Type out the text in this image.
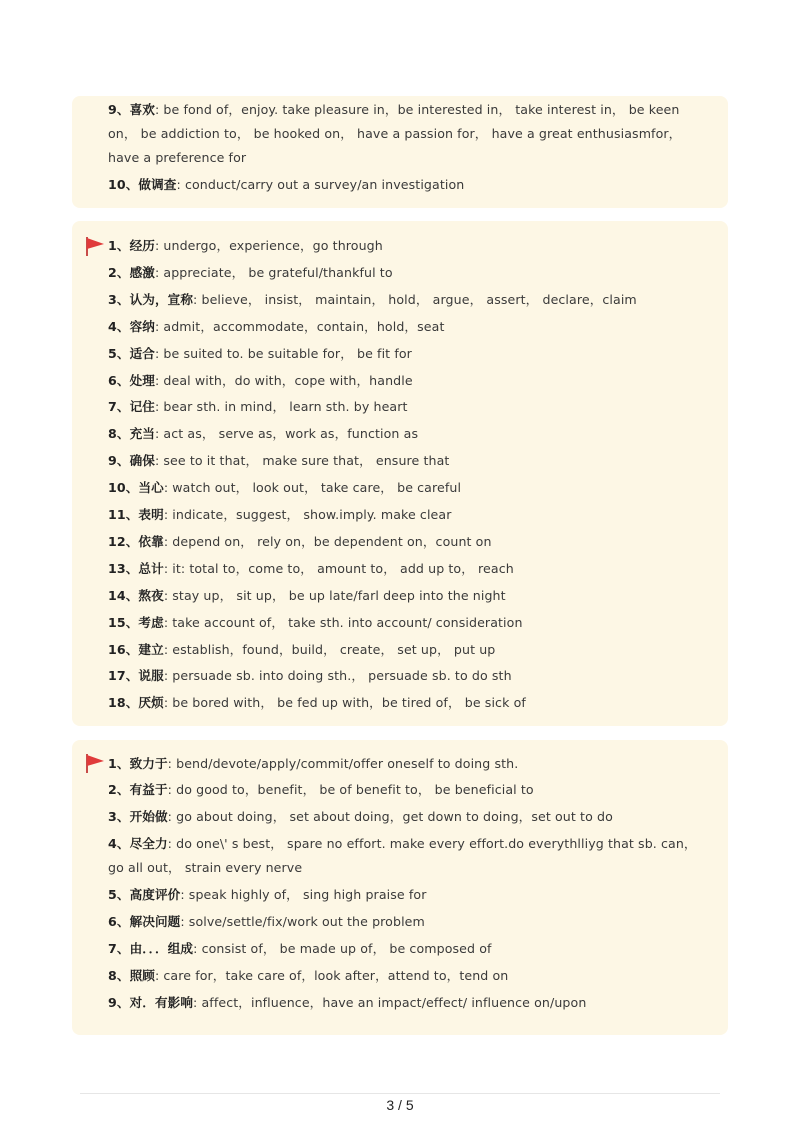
9、喜欢: be fond of，enjoy. take pleasure in，be interested in， take interest in， be keen on， be addiction to， be hooked on， have a passion for， have a great enthusiasmfor，have a preference for
10、做调查: conduct/carry out a survey/an investigation
1、经历: undergo，experience，go through
2、感激: appreciate， be grateful/thankful to
3、认为，宣称: believe， insist， maintain， hold， argue， assert， declare，claim
4、容纳: admit，accommodate，contain，hold，seat
5、适合: be suited to. be suitable for， be fit for
6、处理: deal with，do with，cope with，handle
7、记住: bear sth. in mind， learn sth. by heart
8、充当: act as， serve as，work as，function as
9、确保: see to it that， make sure that， ensure that
10、当心: watch out， look out， take care， be careful
11、表明: indicate，suggest， show.imply. make clear
12、依靠: depend on， rely on，be dependent on，count on
13、总计: it: total to，come to， amount to， add up to， reach
14、熬夜: stay up， sit up， be up late/farl deep into the night
15、考虑: take account of， take sth. into account/ consideration
16、建立: establish，found，build， create， set up， put up
17、说服: persuade sb. into doing sth.， persuade sb. to do sth
18、厌烦: be bored with， be fed up with，be tired of， be sick of
1、致力于: bend/devote/apply/commit/offer oneself to doing sth.
2、有益于: do good to，benefit， be of benefit to， be beneficial to
3、开始做: go about doing， set about doing，get down to doing，set out to do
4、尽全力: do one\' s best， spare no effort. make every effort.do everythlliyg that sb. can， go all out， strain every nerve
5、高度评价: speak highly of， sing high praise for
6、解决问题: solve/settle/fix/work out the problem
7、由．．．组成: consist of， be made up of， be composed of
8、照顾: care for，take care of，look after，attend to，tend on
9、对．有影响: affect，influence，have an impact/effect/ influence on/upon
3 / 5
